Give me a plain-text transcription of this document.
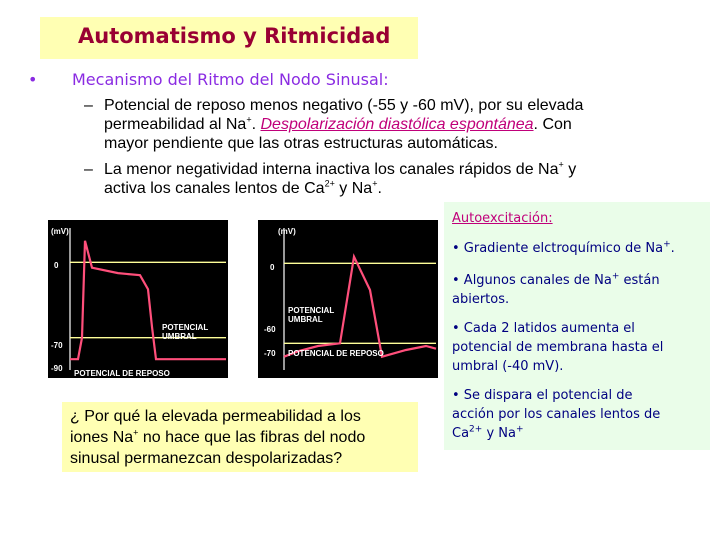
Automatismo y Ritmicidad
• Mecanismo del Ritmo del Nodo Sinusal:
– Potencial de reposo menos negativo (-55 y -60 mV), por su elevada
permeabilidad al Na+. Despolarización diastólica espontánea. Con
mayor pendiente que las otras estructuras automáticas.
– La menor negatividad interna inactiva los canales rápidos de Na+ y
activa los canales lentos de $Ca^{2+}$ y Na+.
(mV)
0
-70
-90
POTENCIAL
UMBRAL
POTENCIAL DE REPOSO
(mV)
0
-60
-70
POTENCIAL
UMBRAL
POTENCIAL DE REPOSO
Autoexcitación:
• Gradiente elctroquímico de Na+.
• Algunos canales de Na+ están
abiertos.
• Cada 2 latidos aumenta el
potencial de membrana hasta el
umbral (-40 mV).
• Se dispara el potencial de
acción por los canales lentos de
$Ca^{2+}$ y Na+
¿ Por qué la elevada permeabilidad a los
iones Na+ no hace que las fibras del nodo
sinusal permanezcan despolarizadas?
